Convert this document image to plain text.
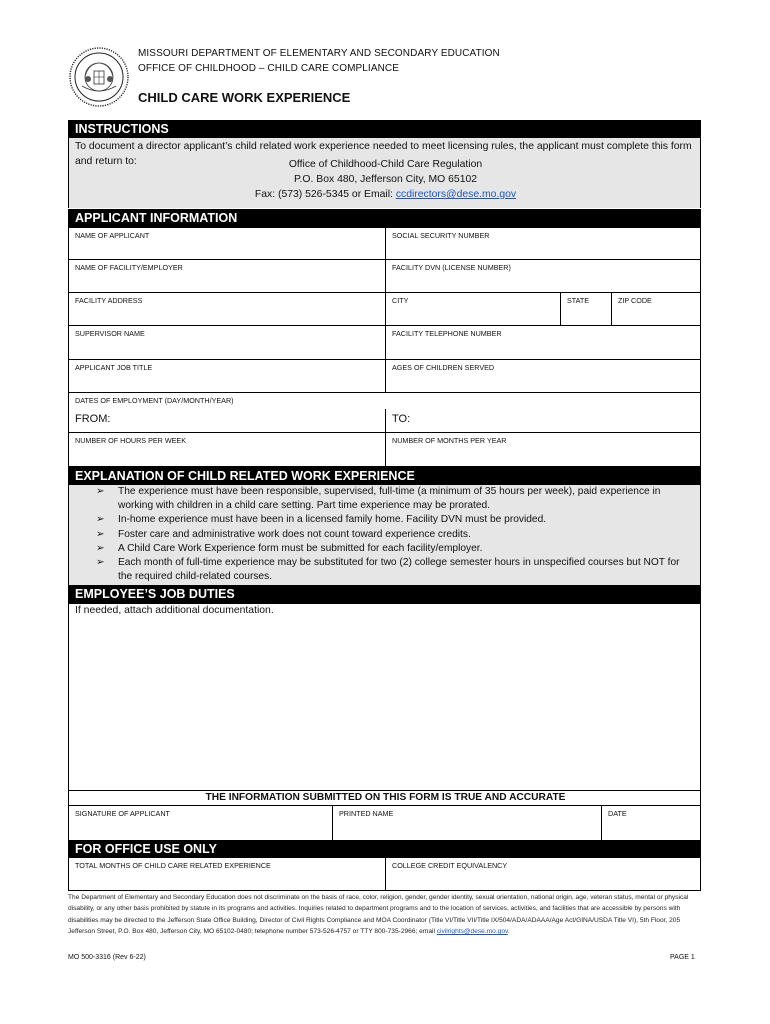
MISSOURI DEPARTMENT OF ELEMENTARY AND SECONDARY EDUCATION
OFFICE OF CHILDHOOD – CHILD CARE COMPLIANCE
CHILD CARE WORK EXPERIENCE
INSTRUCTIONS
To document a director applicant’s child related work experience needed to meet licensing rules, the applicant must complete this form and return to:	Office of Childhood-Child Care Regulation
P.O. Box 480, Jefferson City, MO 65102
Fax: (573) 526-5345 or Email: ccdirectors@dese.mo.gov
APPLICANT INFORMATION
NAME OF APPLICANT	SOCIAL SECURITY NUMBER
NAME OF FACILITY/EMPLOYER	FACILITY DVN (LICENSE NUMBER)
FACILITY ADDRESS	CITY	STATE	ZIP CODE
SUPERVISOR NAME	FACILITY TELEPHONE NUMBER
APPLICANT JOB TITLE	AGES OF CHILDREN SERVED
DATES OF EMPLOYMENT (DAY/MONTH/YEAR)
FROM:	TO:
NUMBER OF HOURS PER WEEK	NUMBER OF MONTHS PER YEAR
EXPLANATION OF CHILD RELATED WORK EXPERIENCE
➢ The experience must have been responsible, supervised, full-time (a minimum of 35 hours per week), paid experience in working with children in a child care setting. Part time experience may be prorated.
➢ In-home experience must have been in a licensed family home. Facility DVN must be provided.
➢ Foster care and administrative work does not count toward experience credits.
➢ A Child Care Work Experience form must be submitted for each facility/employer.
➢ Each month of full-time experience may be substituted for two (2) college semester hours in unspecified courses but NOT for the required child-related courses.
EMPLOYEE’S JOB DUTIES
If needed, attach additional documentation.
THE INFORMATION SUBMITTED ON THIS FORM IS TRUE AND ACCURATE
SIGNATURE OF APPLICANT	PRINTED NAME	DATE
FOR OFFICE USE ONLY
TOTAL MONTHS OF CHILD CARE RELATED EXPERIENCE	COLLEGE CREDIT EQUIVALENCY
The Department of Elementary and Secondary Education does not discriminate on the basis of race, color, religion, gender, gender identity, sexual orientation, national origin, age, veteran status, mental or physical disability, or any other basis prohibited by statute in its programs and activities. Inquiries related to department programs and to the location of services, activities, and facilities that are accessible by persons with disabilities may be directed to the Jefferson State Office Building, Director of Civil Rights Compliance and MOA Coordinator (Title VI/Title VII/Title IX/504/ADA/ADAAA/Age Act/GINA/USDA Title VI), 5th Floor, 205 Jefferson Street, P.O. Box 480, Jefferson City, MO 65102-0480; telephone number 573-526-4757 or TTY 800-735-2966; email civilrights@dese.mo.gov.
MO 500-3316 (Rev 6-22)	PAGE 1
